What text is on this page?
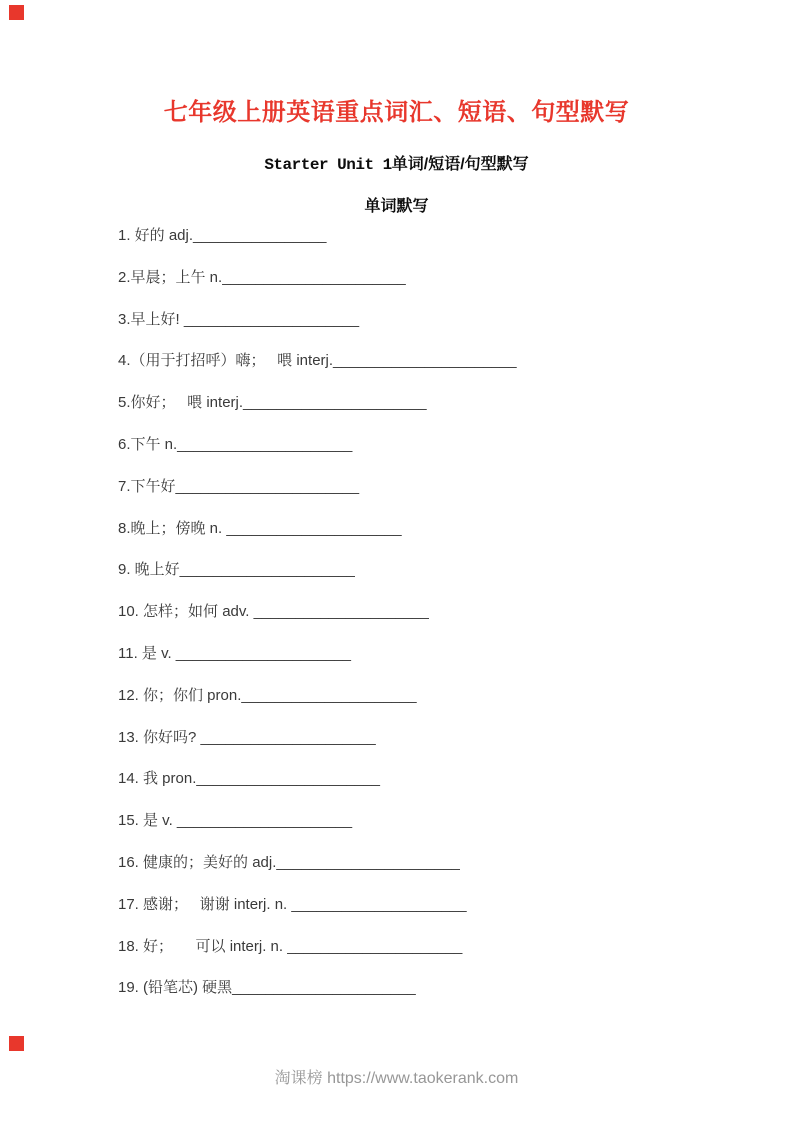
七年级上册英语重点词汇、短语、句型默写
Starter Unit 1单词/短语/句型默写
单词默写
1. 好的 adj.________________
2.早晨；上午 n.______________________
3.早上好! _____________________
4.（用于打招呼）嗨；　 喂 interj.______________________
5.你好；　 喂 interj.______________________
6.下午 n._____________________
7.下午好______________________
8.晚上；傍晚 n. _____________________
9. 晚上好_____________________
10. 怎样；如何 adv. _____________________
11. 是 v. _____________________
12. 你；你们 pron._____________________
13. 你好吗? _____________________
14. 我 pron.______________________
15. 是 v. _____________________
16. 健康的；美好的 adj.______________________
17. 感谢；　 谢谢 interj. n. _____________________
18. 好；　　可以 interj. n. _____________________
19. (铅笔芯) 硬黑______________________
淘课榜 https://www.taokerank.com
